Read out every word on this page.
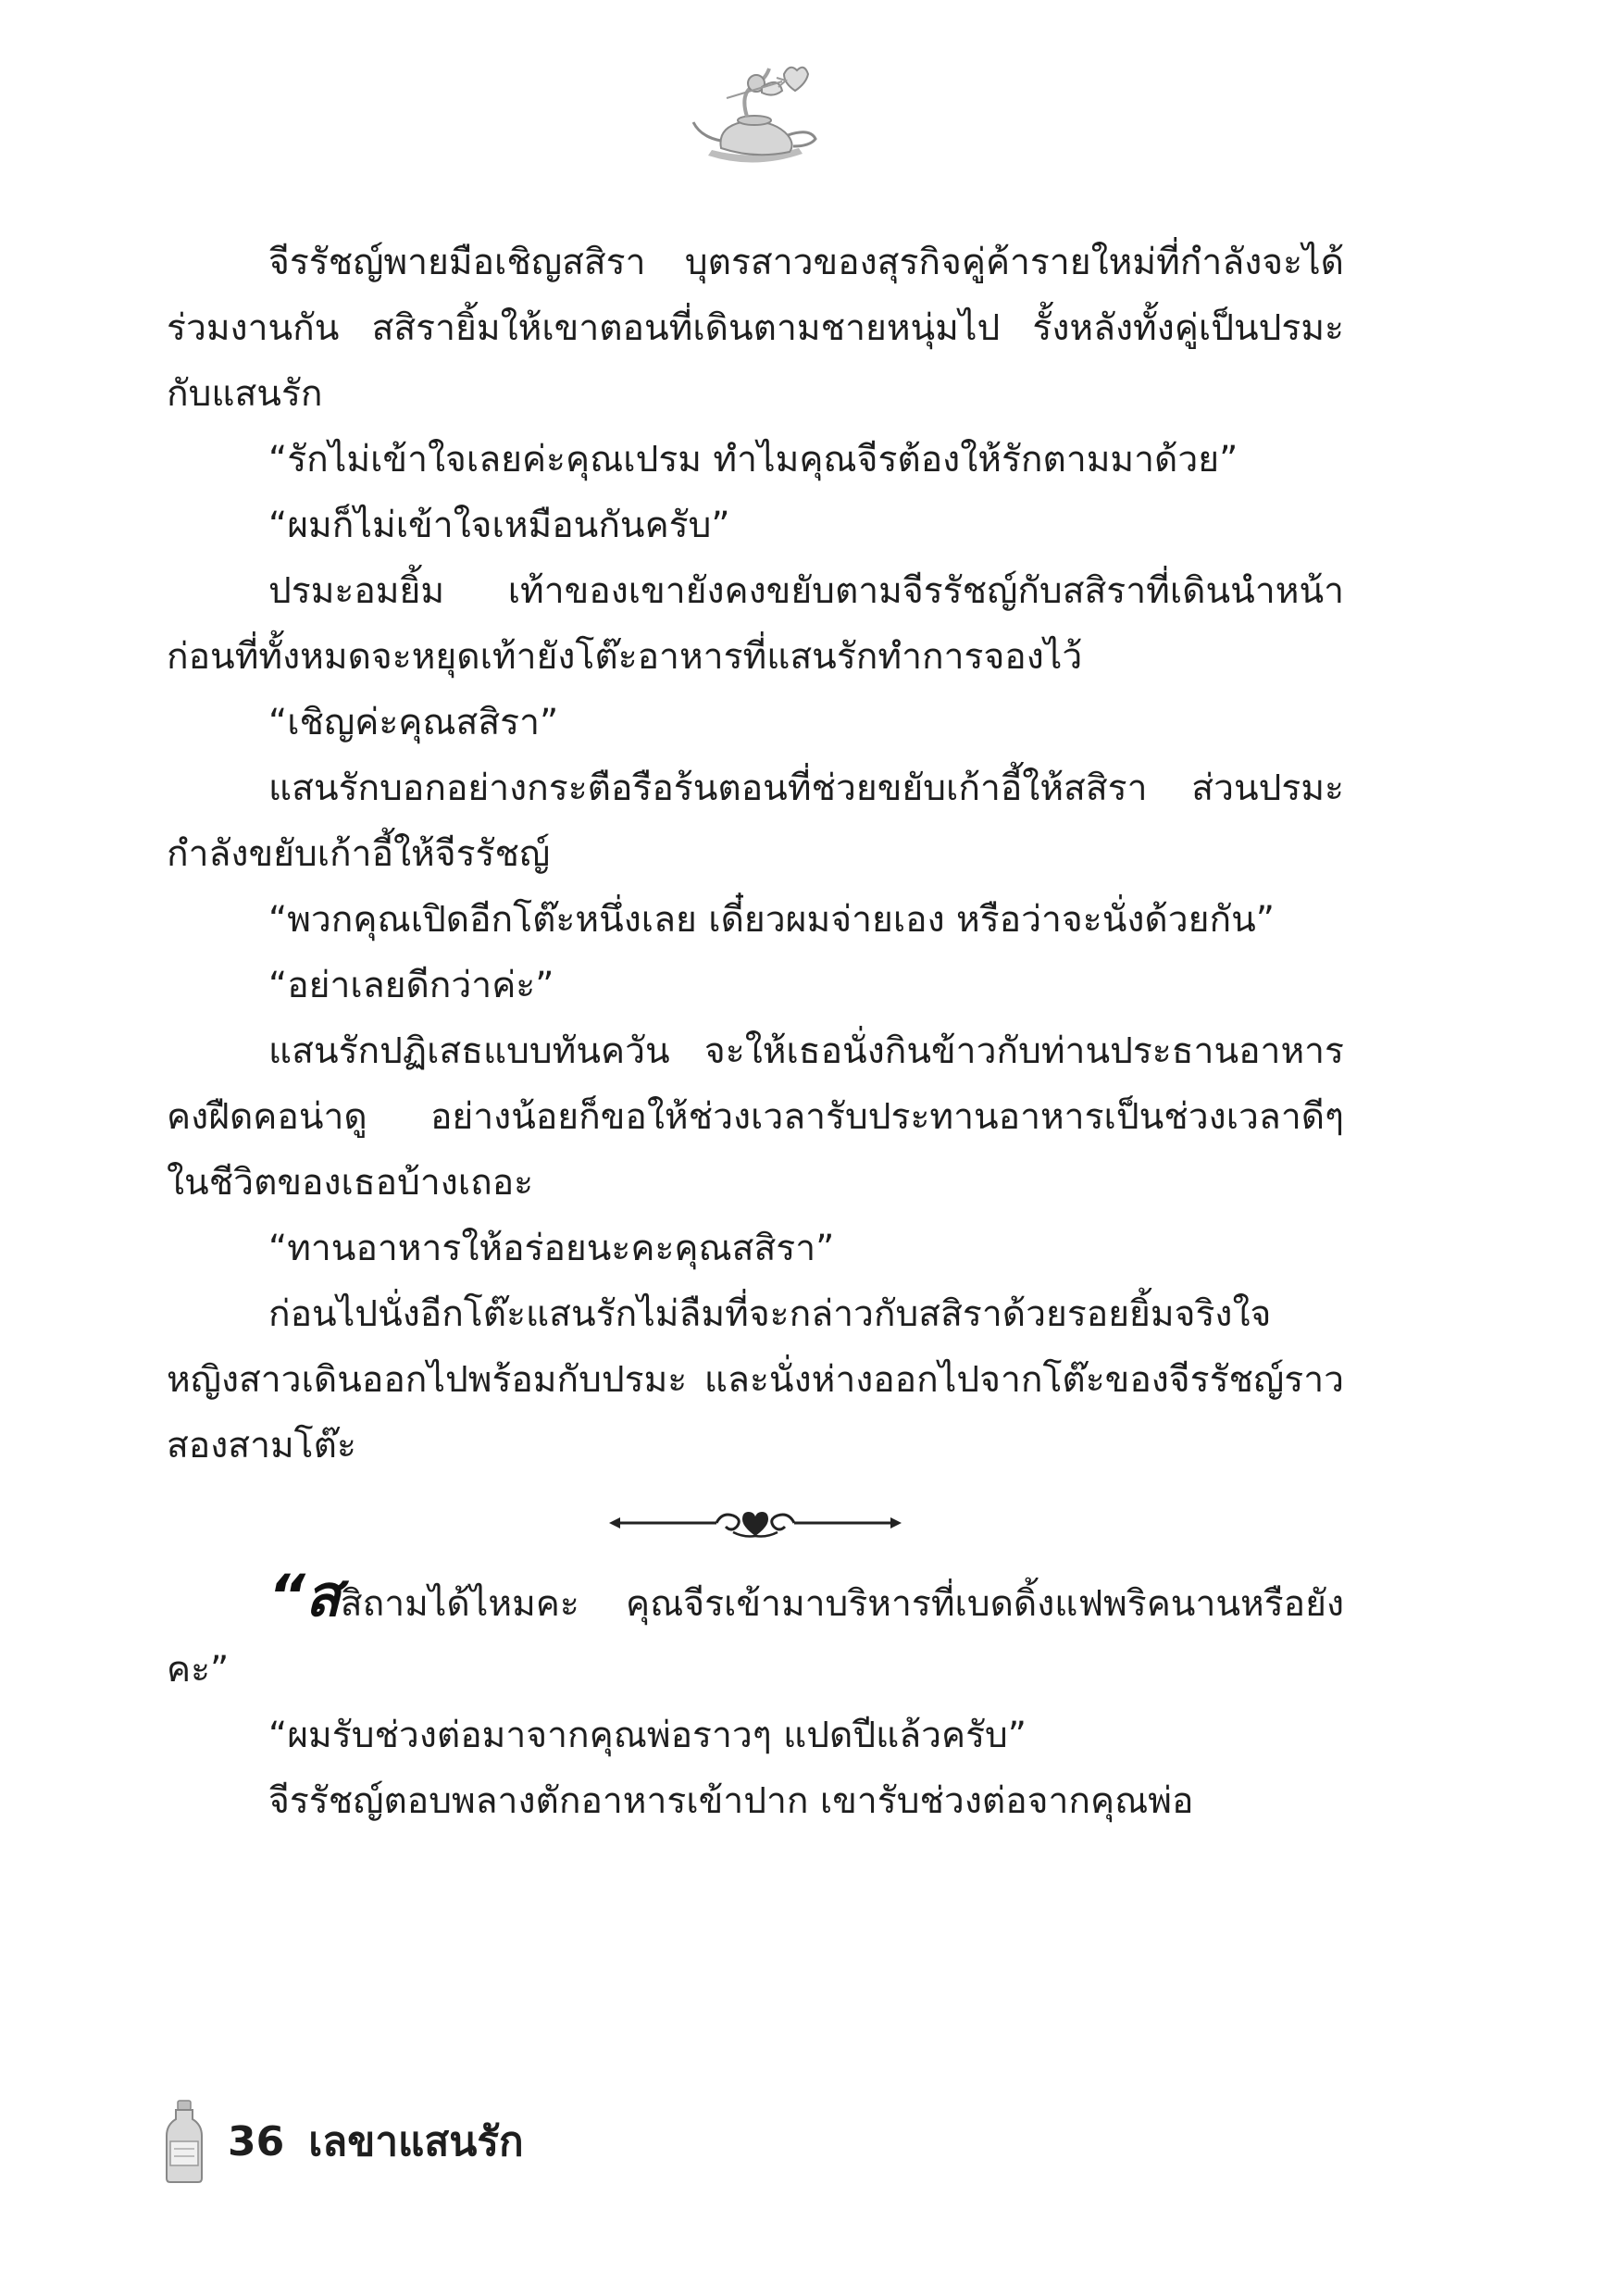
จีรรัชญ์พายมือเชิญสสิรา บุตรสาวของสุรกิจคู่ค้ารายใหม่ที่กำลังจะได้ร่วมงานกัน สสิรายิ้มให้เขาตอนที่เดินตามชายหนุ่มไป รั้งหลังทั้งคู่เป็นปรมะกับแสนรัก

“รักไม่เข้าใจเลยค่ะคุณเปรม ทำไมคุณจีรต้องให้รักตามมาด้วย”

“ผมก็ไม่เข้าใจเหมือนกันครับ”

ปรมะอมยิ้ม เท้าของเขายังคงขยับตามจีรรัชญ์กับสสิราที่เดินนำหน้า ก่อนที่ทั้งหมดจะหยุดเท้ายังโต๊ะอาหารที่แสนรักทำการจองไว้

“เชิญค่ะคุณสสิรา”

แสนรักบอกอย่างกระตือรือร้นตอนที่ช่วยขยับเก้าอี้ให้สสิรา ส่วนปรมะกำลังขยับเก้าอี้ให้จีรรัชญ์

“พวกคุณเปิดอีกโต๊ะหนึ่งเลย เดี๋ยวผมจ่ายเอง หรือว่าจะนั่งด้วยกัน”

“อย่าเลยดีกว่าค่ะ”

แสนรักปฏิเสธแบบทันควัน จะให้เธอนั่งกินข้าวกับท่านประธานอาหารคงฝืดคอน่าดู อย่างน้อยก็ขอให้ช่วงเวลารับประทานอาหารเป็นช่วงเวลาดีๆ ในชีวิตของเธอบ้างเถอะ

“ทานอาหารให้อร่อยนะคะคุณสสิรา”

ก่อนไปนั่งอีกโต๊ะแสนรักไม่ลืมที่จะกล่าวกับสสิราด้วยรอยยิ้มจริงใจ หญิงสาวเดินออกไปพร้อมกับปรมะ และนั่งห่างออกไปจากโต๊ะของจีรรัชญ์ราวสองสามโต๊ะ

“สสิถามได้ไหมคะ คุณจีรเข้ามาบริหารที่เบดดิ้งแฟพริคนานหรือยังคะ”

“ผมรับช่วงต่อมาจากคุณพ่อราวๆ แปดปีแล้วครับ”

จีรรัชญ์ตอบพลางตักอาหารเข้าปาก เขารับช่วงต่อจากคุณพ่อ

36 เลขาแสนรัก
